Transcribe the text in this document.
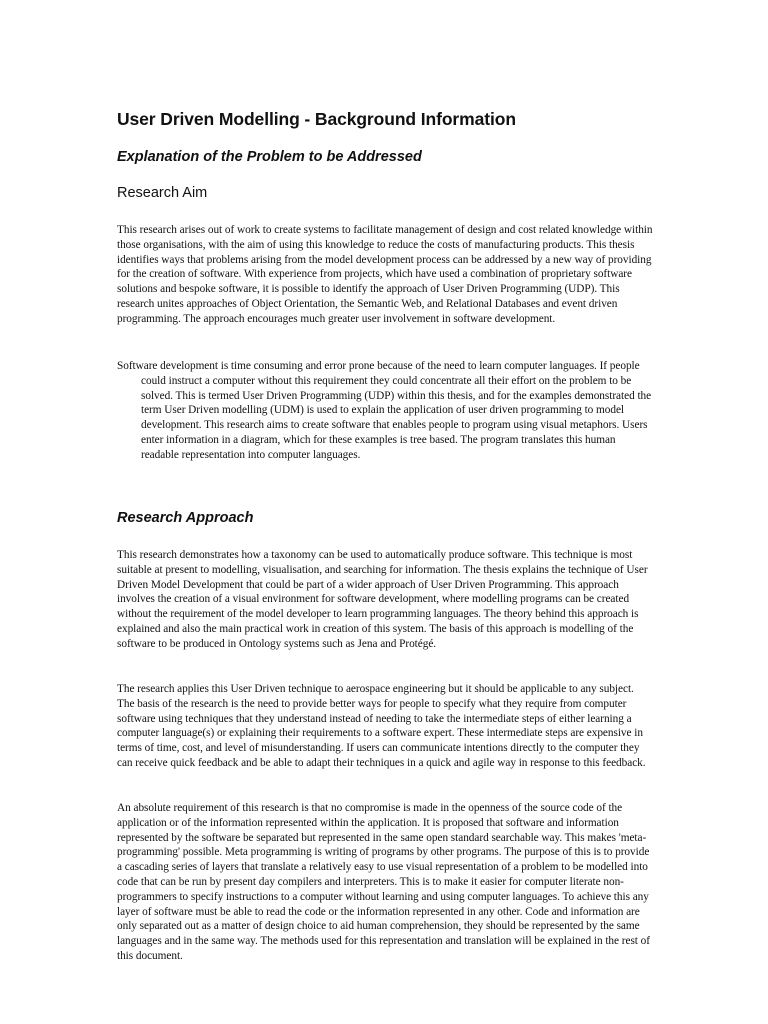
User Driven Modelling - Background Information
Explanation of the Problem to be Addressed
Research Aim

This research arises out of work to create systems to facilitate management of design and cost related knowledge within those organisations, with the aim of using this knowledge to reduce the costs of manufacturing products. This thesis identifies ways that problems arising from the model development process can be addressed by a new way of providing for the creation of software. With experience from projects, which have used a combination of proprietary software solutions and bespoke software, it is possible to identify the approach of User Driven Programming (UDP). This research unites approaches of Object Orientation, the Semantic Web, and Relational Databases and event driven programming. The approach encourages much greater user involvement in software development.

Software development is time consuming and error prone because of the need to learn computer languages. If people could instruct a computer without this requirement they could concentrate all their effort on the problem to be solved. This is termed User Driven Programming (UDP) within this thesis, and for the examples demonstrated the term User Driven modelling (UDM) is used to explain the application of user driven programming to model development. This research aims to create software that enables people to program using visual metaphors. Users enter information in a diagram, which for these examples is tree based. The program translates this human readable representation into computer languages.

Research Approach

This research demonstrates how a taxonomy can be used to automatically produce software. This technique is most suitable at present to modelling, visualisation, and searching for information. The thesis explains the technique of User Driven Model Development that could be part of a wider approach of User Driven Programming. This approach involves the creation of a visual environment for software development, where modelling programs can be created without the requirement of the model developer to learn programming languages. The theory behind this approach is explained and also the main practical work in creation of this system. The basis of this approach is modelling of the software to be produced in Ontology systems such as Jena and Protégé.

The research applies this User Driven technique to aerospace engineering but it should be applicable to any subject. The basis of the research is the need to provide better ways for people to specify what they require from computer software using techniques that they understand instead of needing to take the intermediate steps of either learning a computer language(s) or explaining their requirements to a software expert. These intermediate steps are expensive in terms of time, cost, and level of misunderstanding. If users can communicate intentions directly to the computer they can receive quick feedback and be able to adapt their techniques in a quick and agile way in response to this feedback.

An absolute requirement of this research is that no compromise is made in the openness of the source code of the application or of the information represented within the application. It is proposed that software and information represented by the software be separated but represented in the same open standard searchable way. This makes 'meta-programming' possible. Meta programming is writing of programs by other programs. The purpose of this is to provide a cascading series of layers that translate a relatively easy to use visual representation of a problem to be modelled into code that can be run by present day compilers and interpreters. This is to make it easier for computer literate non-programmers to specify instructions to a computer without learning and using computer languages. To achieve this any layer of software must be able to read the code or the information represented in any other. Code and information are only separated out as a matter of design choice to aid human comprehension, they should be represented by the same languages and in the same way. The methods used for this representation and translation will be explained in the rest of this document.
